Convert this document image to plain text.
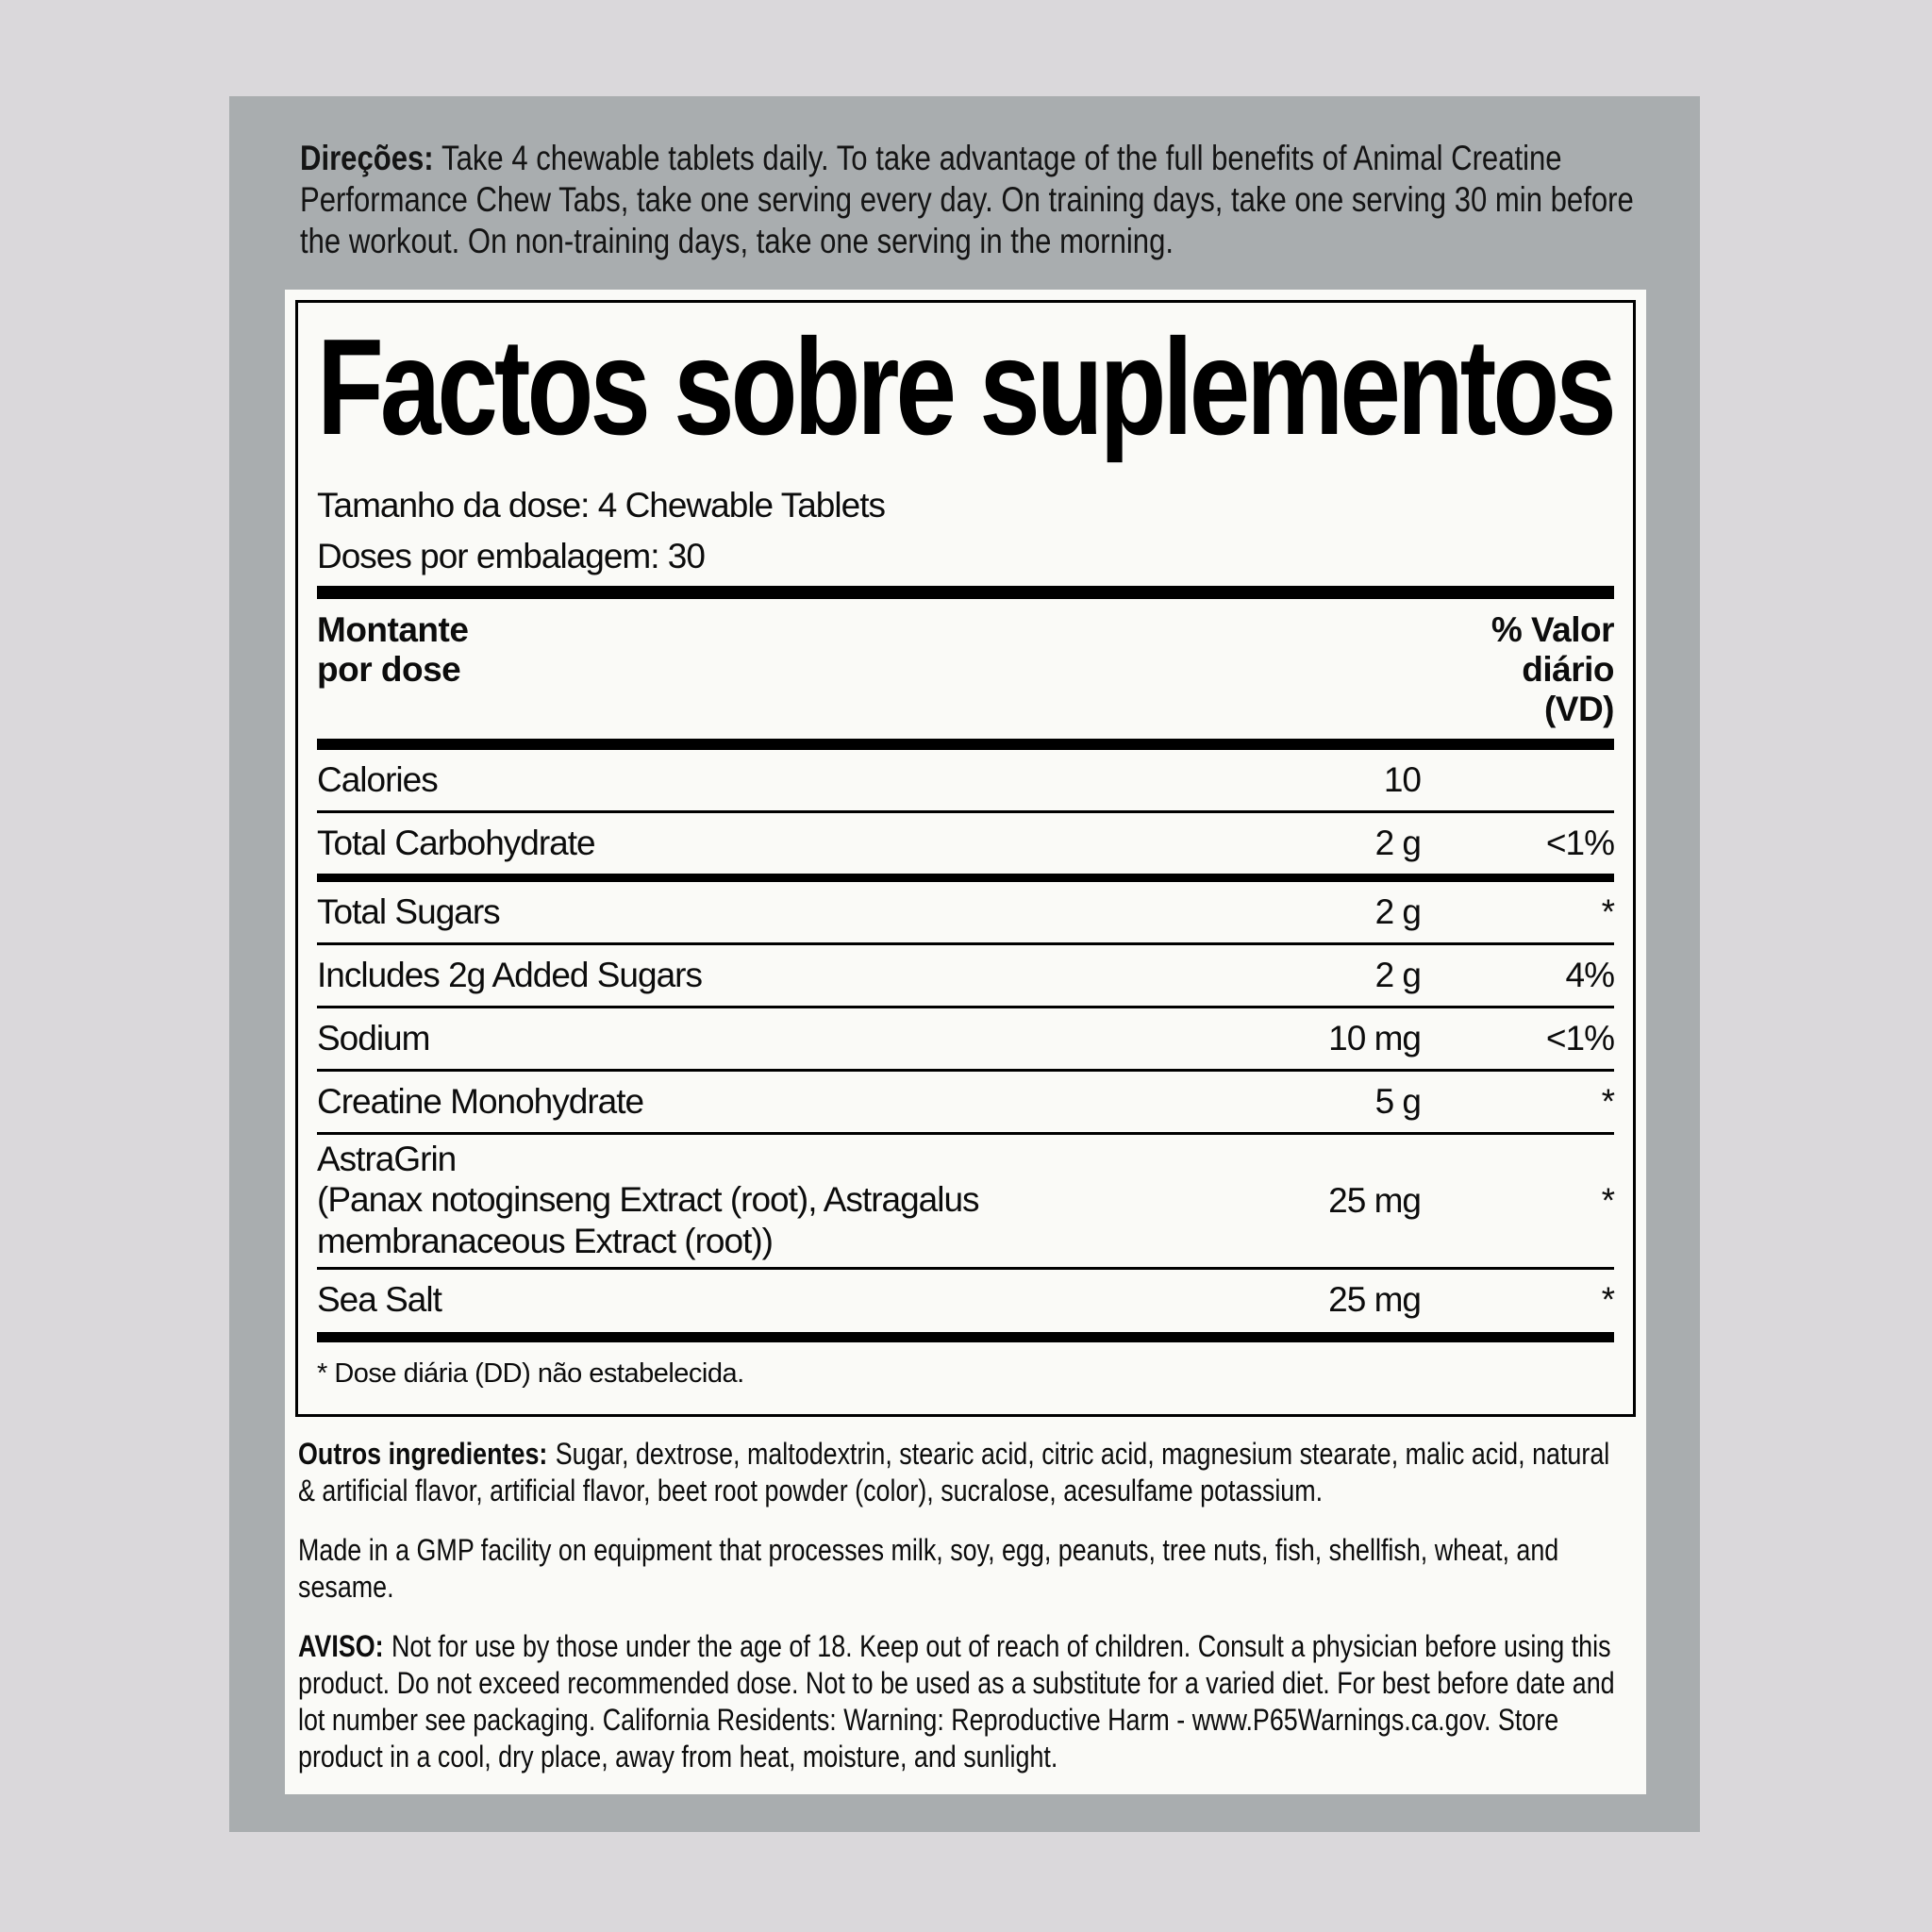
Direções: Take 4 chewable tablets daily. To take advantage of the full benefits of Animal Creatine Performance Chew Tabs, take one serving every day. On training days, take one serving 30 min before the workout. On non-training days, take one serving in the morning.

Factos sobre suplementos

Tamanho da dose: 4 Chewable Tablets

Doses por embalagem: 30

Montante
por dose
% Valor
diário
(VD)
Calories	10
Total Carbohydrate	2 g	<1%
Total Sugars	2 g	*
Includes 2g Added Sugars	2 g	4%
Sodium	10 mg	<1%
Creatine Monohydrate	5 g	*
AstraGrin
(Panax notoginseng Extract (root), Astragalus membranaceous Extract (root))
25 mg	*
Sea Salt	25 mg	*

* Dose diária (DD) não estabelecida.

Outros ingredientes: Sugar, dextrose, maltodextrin, stearic acid, citric acid, magnesium stearate, malic acid, natural & artificial flavor, artificial flavor, beet root powder (color), sucralose, acesulfame potassium.

Made in a GMP facility on equipment that processes milk, soy, egg, peanuts, tree nuts, fish, shellfish, wheat, and sesame.

AVISO: Not for use by those under the age of 18. Keep out of reach of children. Consult a physician before using this product. Do not exceed recommended dose. Not to be used as a substitute for a varied diet. For best before date and lot number see packaging. California Residents: Warning: Reproductive Harm - www.P65Warnings.ca.gov. Store product in a cool, dry place, away from heat, moisture, and sunlight.
